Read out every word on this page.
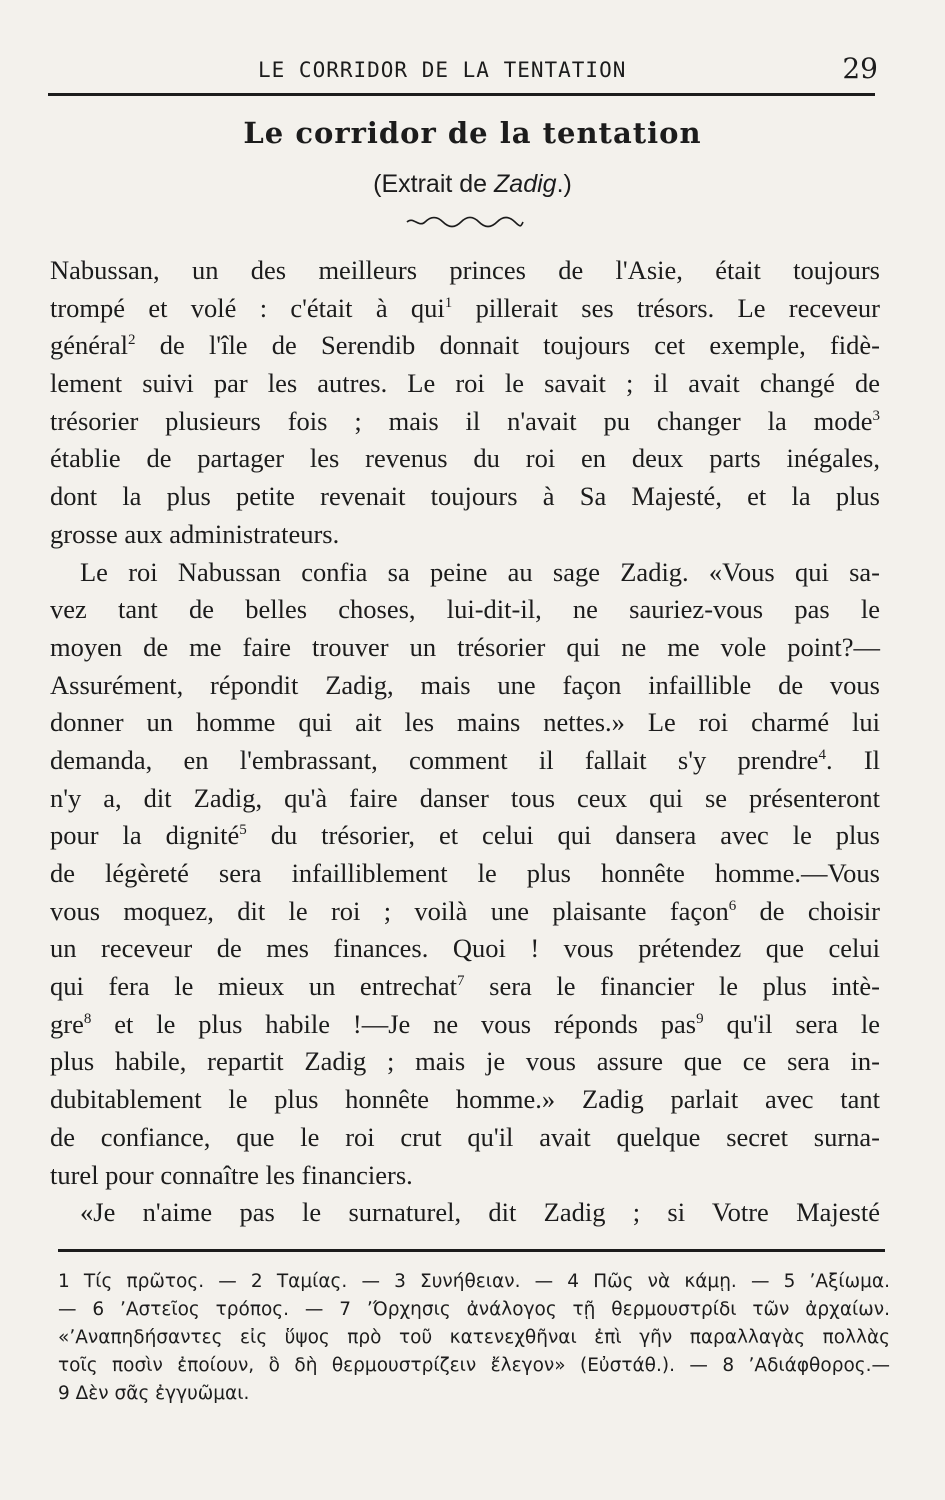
LE CORRIDOR DE LA TENTATION	29
Le corridor de la tentation
(Extrait de Zadig.)
Nabussan, un des meilleurs princes de l'Asie, était toujours
trompé et volé : c'était à qui$^1$ pillerait ses trésors. Le receveur
général$^2$ de l'île de Serendib donnait toujours cet exemple, fidè-
lement suivi par les autres. Le roi le savait ; il avait changé de
trésorier plusieurs fois ; mais il n'avait pu changer la mode$^3$
établie de partager les revenus du roi en deux parts inégales,
dont la plus petite revenait toujours à Sa Majesté, et la plus
grosse aux administrateurs.
Le roi Nabussan confia sa peine au sage Zadig. «Vous qui sa-
vez tant de belles choses, lui-dit-il, ne sauriez-vous pas le
moyen de me faire trouver un trésorier qui ne me vole point?—
Assurément, répondit Zadig, mais une façon infaillible de vous
donner un homme qui ait les mains nettes.» Le roi charmé lui
demanda, en l'embrassant, comment il fallait s'y prendre$^4$. Il
n'y a, dit Zadig, qu'à faire danser tous ceux qui se présenteront
pour la dignité$^5$ du trésorier, et celui qui dansera avec le plus
de légèreté sera infailliblement le plus honnête homme.—Vous
vous moquez, dit le roi ; voilà une plaisante façon$^6$ de choisir
un receveur de mes finances. Quoi ! vous prétendez que celui
qui fera le mieux un entrechat$^7$ sera le financier le plus intè-
gre$^8$ et le plus habile !—Je ne vous réponds pas$^9$ qu'il sera le
plus habile, repartit Zadig ; mais je vous assure que ce sera in-
dubitablement le plus honnête homme.» Zadig parlait avec tant
de confiance, que le roi crut qu'il avait quelque secret surna-
turel pour connaître les financiers.
«Je n'aime pas le surnaturel, dit Zadig ; si Votre Majesté
1 Τίς πρῶτος. — 2 Ταμίας. — 3 Συνήθειαν. — 4 Πῶς νὰ κάμῃ. — 5 ʼΑξίωμα.
— 6 ʼΑστεῖος τρόπος. — 7 ʼΌρχησις ἀνάλογος τῇ θερμουστρίδι τῶν ἀρχαίων.
«ʼΑναπηδήσαντες εἰς ὕψος πρὸ τοῦ κατενεχθῆναι ἐπὶ γῆν παραλλαγὰς πολλὰς
τοῖς ποσὶν ἐποίουν, ὃ δὴ θερμουστρίζειν ἔλεγον» (Εὐστάθ.). — 8 ʼΑδιάφθορος.—
9 Δὲν σᾶς ἐγγυῶμαι.
